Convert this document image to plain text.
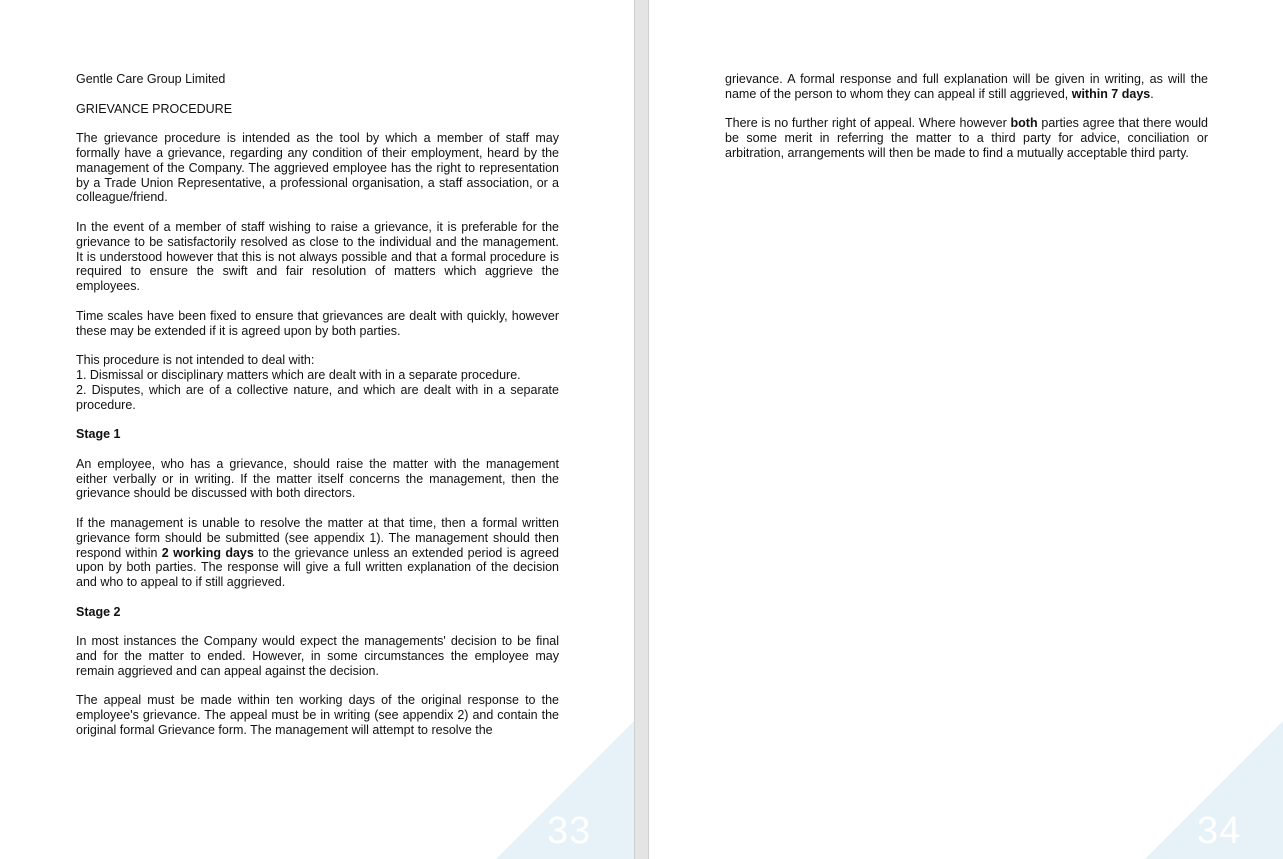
Gentle Care Group Limited

GRIEVANCE PROCEDURE

The grievance procedure is intended as the tool by which a member of staff may formally have a grievance, regarding any condition of their employment, heard by the management of the Company. The aggrieved employee has the right to representation by a Trade Union Representative, a professional organisation, a staff association, or a colleague/friend.

In the event of a member of staff wishing to raise a grievance, it is preferable for the grievance to be satisfactorily resolved as close to the individual and the management. It is understood however that this is not always possible and that a formal procedure is required to ensure the swift and fair resolution of matters which aggrieve the employees.

Time scales have been fixed to ensure that grievances are dealt with quickly, however these may be extended if it is agreed upon by both parties.

This procedure is not intended to deal with:
1. Dismissal or disciplinary matters which are dealt with in a separate procedure.
2. Disputes, which are of a collective nature, and which are dealt with in a separate procedure.

Stage 1

An employee, who has a grievance, should raise the matter with the management either verbally or in writing. If the matter itself concerns the management, then the grievance should be discussed with both directors.

If the management is unable to resolve the matter at that time, then a formal written grievance form should be submitted (see appendix 1). The management should then respond within 2 working days to the grievance unless an extended period is agreed upon by both parties. The response will give a full written explanation of the decision and who to appeal to if still aggrieved.

Stage 2

In most instances the Company would expect the managements' decision to be final and for the matter to ended. However, in some circumstances the employee may remain aggrieved and can appeal against the decision.

The appeal must be made within ten working days of the original response to the employee's grievance. The appeal must be in writing (see appendix 2) and contain the original formal Grievance form. The management will attempt to resolve the

33

grievance. A formal response and full explanation will be given in writing, as will the name of the person to whom they can appeal if still aggrieved, within 7 days.

There is no further right of appeal. Where however both parties agree that there would be some merit in referring the matter to a third party for advice, conciliation or arbitration, arrangements will then be made to find a mutually acceptable third party.

34
